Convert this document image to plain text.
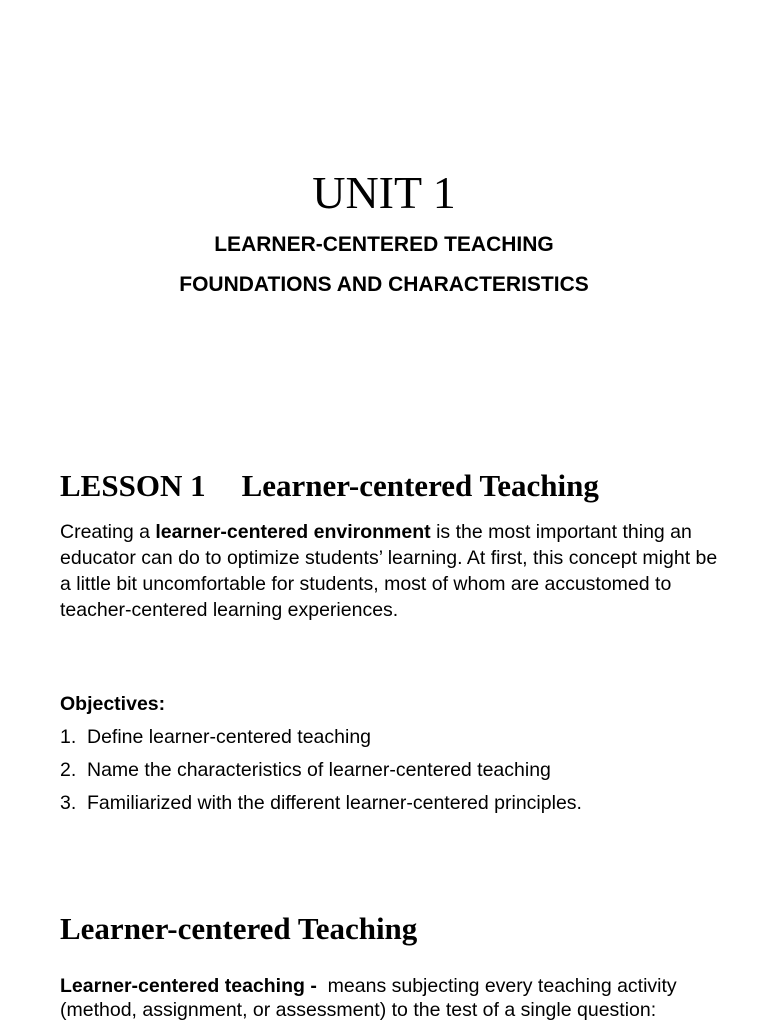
UNIT 1
LEARNER-CENTERED TEACHING
FOUNDATIONS AND CHARACTERISTICS
LESSON 1 Learner-centered Teaching

Creating a learner-centered environment is the most important thing an educator can do to optimize students’ learning. At first, this concept might be a little bit uncomfortable for students, most of whom are accustomed to teacher-centered learning experiences.

Objectives:
1. Define learner-centered teaching
2. Name the characteristics of learner-centered teaching
3. Familiarized with the different learner-centered principles.
Learner-centered Teaching

Learner-centered teaching -  means subjecting every teaching activity (method, assignment, or assessment) to the test of a single question:
